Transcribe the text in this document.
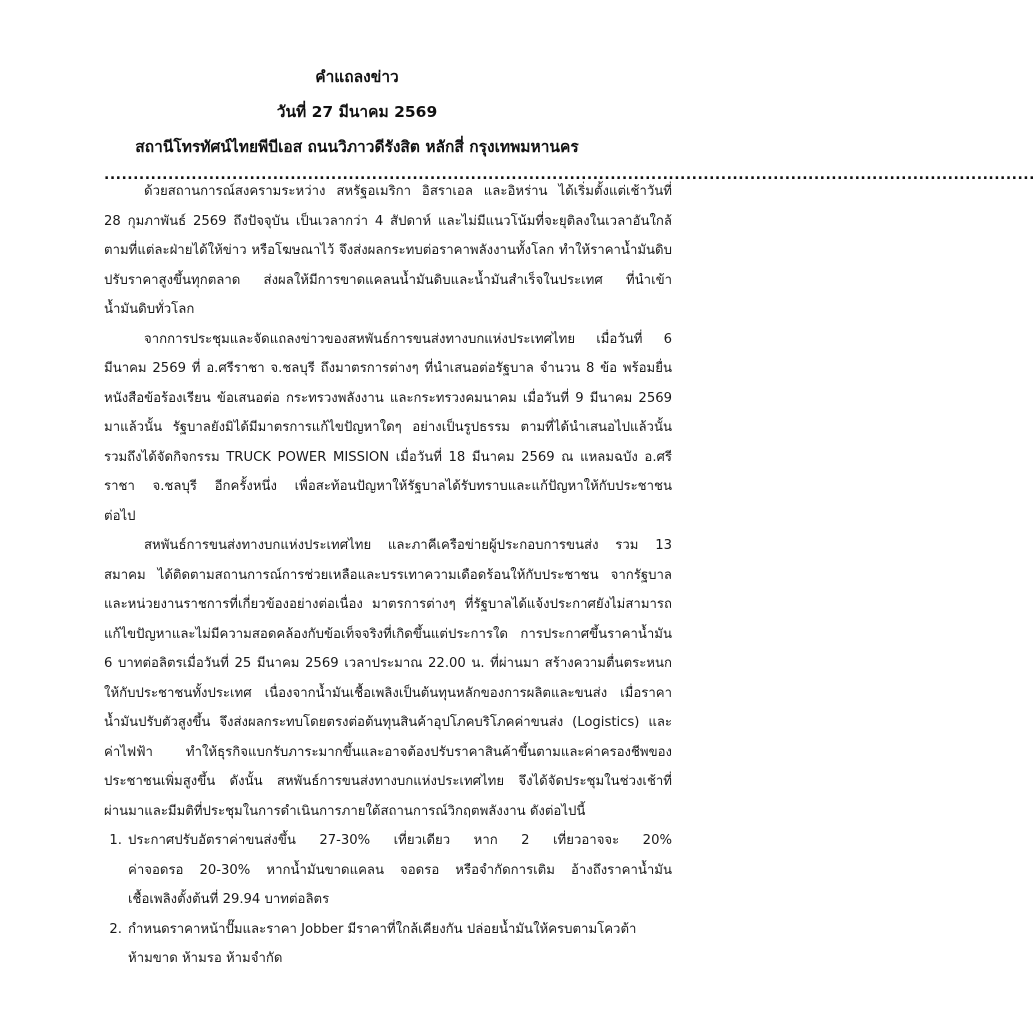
คำแถลงข่าว
วันที่ 27 มีนาคม 2569
สถานีโทรทัศน์ไทยพีบีเอส ถนนวิภาวดีรังสิต หลักสี่ กรุงเทพมหานคร
................................................................................................................................................................
ด้วยสถานการณ์สงครามระหว่าง สหรัฐอเมริกา อิสราเอล และอิหร่าน ได้เริ่มตั้งแต่เช้าวันที่
28 กุมภาพันธ์ 2569 ถึงปัจจุบัน เป็นเวลากว่า 4 สัปดาห์ และไม่มีแนวโน้มที่จะยุติลงในเวลาอันใกล้
ตามที่แต่ละฝ่ายได้ให้ข่าว หรือโฆษณาไว้ จึงส่งผลกระทบต่อราคาพลังงานทั้งโลก ทำให้ราคาน้ำมันดิบ
ปรับราคาสูงขึ้นทุกตลาด ส่งผลให้มีการขาดแคลนน้ำมันดิบและน้ำมันสำเร็จในประเทศ ที่นำเข้า
น้ำมันดิบทั่วโลก
จากการประชุมและจัดแถลงข่าวของสหพันธ์การขนส่งทางบกแห่งประเทศไทย เมื่อวันที่ 6
มีนาคม 2569 ที่ อ.ศรีราชา จ.ชลบุรี ถึงมาตรการต่างๆ ที่นำเสนอต่อรัฐบาล จำนวน 8 ข้อ พร้อมยื่น
หนังสือข้อร้องเรียน ข้อเสนอต่อ กระทรวงพลังงาน และกระทรวงคมนาคม เมื่อวันที่ 9 มีนาคม 2569
มาแล้วนั้น รัฐบาลยังมิได้มีมาตรการแก้ไขปัญหาใดๆ อย่างเป็นรูปธรรม ตามที่ได้นำเสนอไปแล้วนั้น
รวมถึงได้จัดกิจกรรม TRUCK POWER MISSION เมื่อวันที่ 18 มีนาคม 2569 ณ แหลมฉบัง อ.ศรี
ราชา จ.ชลบุรี อีกครั้งหนึ่ง เพื่อสะท้อนปัญหาให้รัฐบาลได้รับทราบและแก้ปัญหาให้กับประชาชน
ต่อไป
สหพันธ์การขนส่งทางบกแห่งประเทศไทย และภาคีเครือข่ายผู้ประกอบการขนส่ง รวม 13
สมาคม ได้ติดตามสถานการณ์การช่วยเหลือและบรรเทาความเดือดร้อนให้กับประชาชน จากรัฐบาล
และหน่วยงานราชการที่เกี่ยวข้องอย่างต่อเนื่อง มาตรการต่างๆ ที่รัฐบาลได้แจ้งประกาศยังไม่สามารถ
แก้ไขปัญหาและไม่มีความสอดคล้องกับข้อเท็จจริงที่เกิดขึ้นแต่ประการใด การประกาศขึ้นราคาน้ำมัน
6 บาทต่อลิตรเมื่อวันที่ 25 มีนาคม 2569 เวลาประมาณ 22.00 น. ที่ผ่านมา สร้างความตื่นตระหนก
ให้กับประชาชนทั้งประเทศ เนื่องจากน้ำมันเชื้อเพลิงเป็นต้นทุนหลักของการผลิตและขนส่ง เมื่อราคา
น้ำมันปรับตัวสูงขึ้น จึงส่งผลกระทบโดยตรงต่อต้นทุนสินค้าอุปโภคบริโภคค่าขนส่ง (Logistics) และ
ค่าไฟฟ้า ทำให้ธุรกิจแบกรับภาระมากขึ้นและอาจต้องปรับราคาสินค้าขึ้นตามและค่าครองชีพของ
ประชาชนเพิ่มสูงขึ้น ดังนั้น สหพันธ์การขนส่งทางบกแห่งประเทศไทย จึงได้จัดประชุมในช่วงเช้าที่
ผ่านมาและมีมติที่ประชุมในการดำเนินการภายใต้สถานการณ์วิกฤตพลังงาน ดังต่อไปนี้
1. ประกาศปรับอัตราค่าขนส่งขึ้น 27-30% เที่ยวเดียว หาก 2 เที่ยวอาจจะ 20%
ค่าจอดรอ 20-30% หากน้ำมันขาดแคลน จอดรอ หรือจำกัดการเติม อ้างถึงราคาน้ำมัน
เชื้อเพลิงตั้งต้นที่ 29.94 บาทต่อลิตร
2. กำหนดราคาหน้าปั๊มและราคา Jobber มีราคาที่ใกล้เคียงกัน ปล่อยน้ำมันให้ครบตามโควต้า
ห้ามขาด ห้ามรอ ห้ามจำกัด
